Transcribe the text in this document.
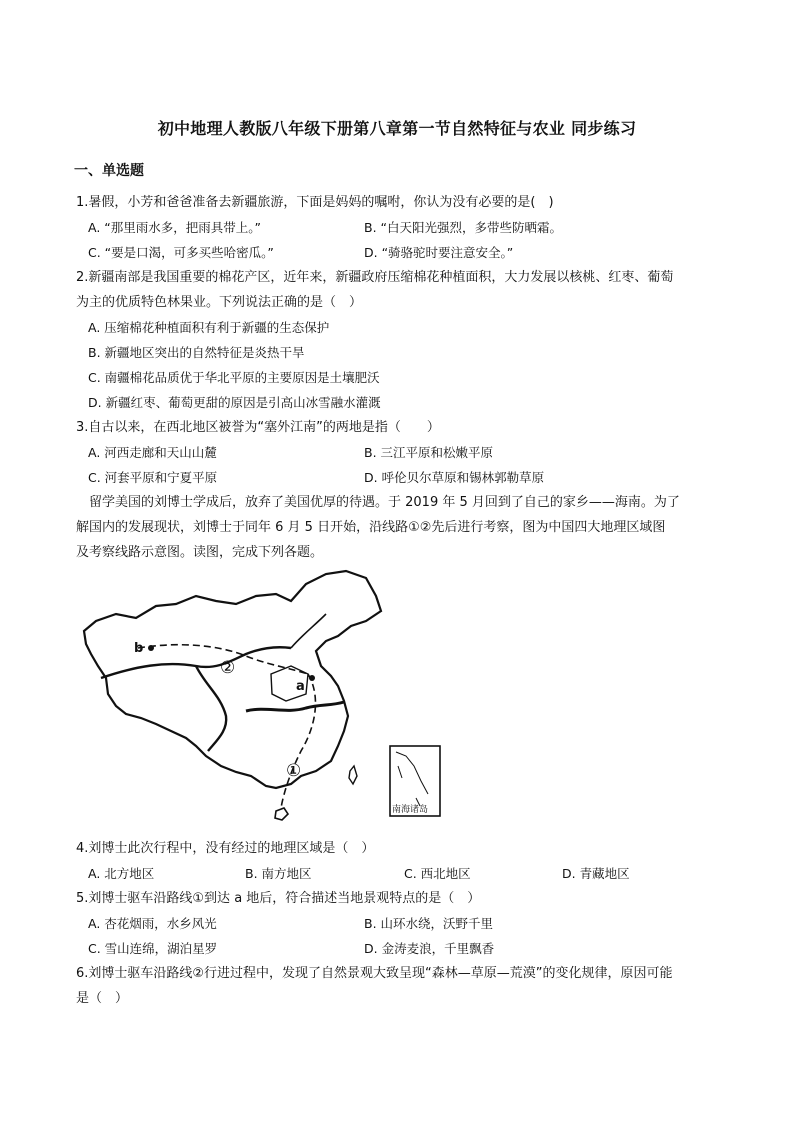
初中地理人教版八年级下册第八章第一节自然特征与农业 同步练习
一、单选题
1.暑假，小芳和爸爸准备去新疆旅游，下面是妈妈的嘱咐，你认为没有必要的是(　)
A. “那里雨水多，把雨具带上。”	B. “白天阳光强烈，多带些防晒霜。
C. “要是口渴，可多买些哈密瓜。”	D. “骑骆驼时要注意安全。”
2.新疆南部是我国重要的棉花产区，近年来，新疆政府压缩棉花种植面积，大力发展以核桃、红枣、葡萄
为主的优质特色林果业。下列说法正确的是（　）
A. 压缩棉花种植面积有利于新疆的生态保护
B. 新疆地区突出的自然特征是炎热干旱
C. 南疆棉花品质优于华北平原的主要原因是土壤肥沃
D. 新疆红枣、葡萄更甜的原因是引高山冰雪融水灌溉
3.自古以来，在西北地区被誉为“塞外江南”的两地是指（　　）
A. 河西走廊和天山山麓	B. 三江平原和松嫩平原
C. 河套平原和宁夏平原	D. 呼伦贝尔草原和锡林郭勒草原
　留学美国的刘博士学成后，放弃了美国优厚的待遇。于 2019 年 5 月回到了自己的家乡——海南。为了
解国内的发展现状，刘博士于同年 6 月 5 日开始，沿线路①②先后进行考察，图为中国四大地理区域图
及考察线路示意图。读图，完成下列各题。
b
a
②
①
南海诸岛
4.刘博士此次行程中，没有经过的地理区域是（　）
A. 北方地区	B. 南方地区	C. 西北地区	D. 青藏地区
5.刘博士驱车沿路线①到达 a 地后，符合描述当地景观特点的是（　）
A. 杏花烟雨，水乡风光	B. 山环水绕，沃野千里
C. 雪山连绵，湖泊星罗	D. 金涛麦浪，千里飘香
6.刘博士驱车沿路线②行进过程中，发现了自然景观大致呈现“森林—草原—荒漠”的变化规律，原因可能
是（　）
